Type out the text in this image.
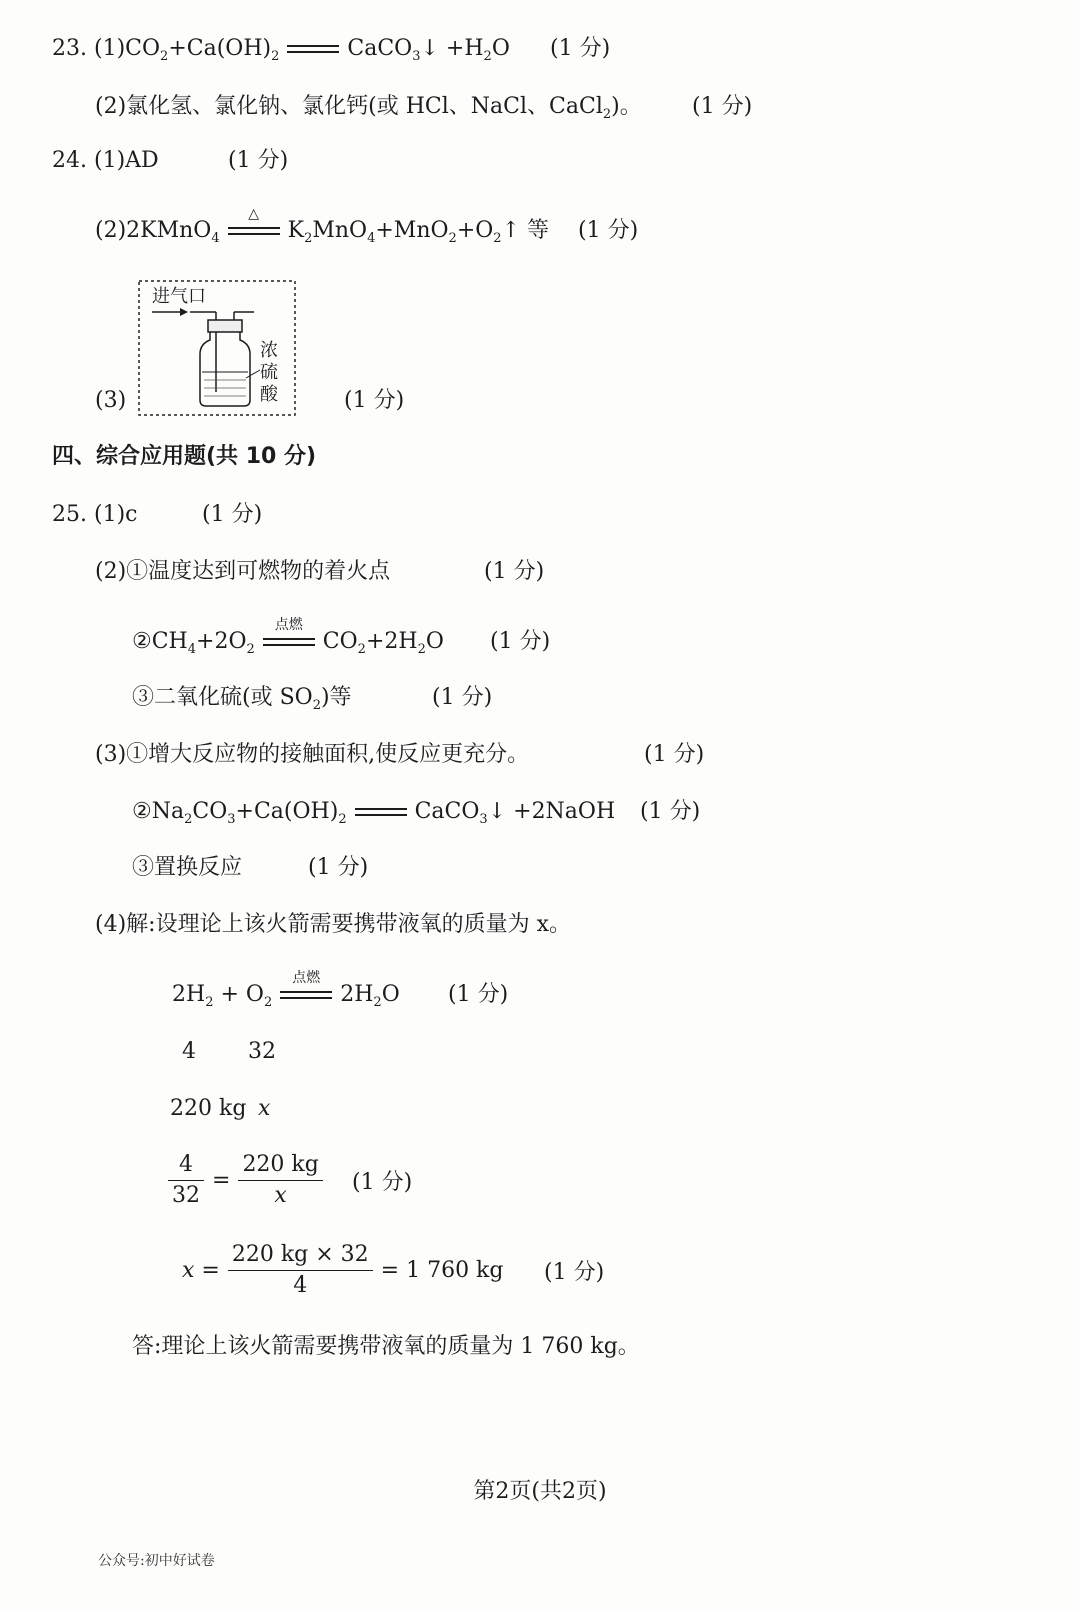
23. $(1)CO_2+Ca(OH)_2$	CaCO$_3$↓ $+H_2O$ (1 分)
(2)氯化氢、氯化钠、氯化钙(或 HCl、NaCl、CaCl$_2$)。 (1 分)
24. (1)AD	(1 分)
(2)2KMnO$_4$
△
$K_2MnO_4+MnO_2+O_2↑$ 等 (1 分)
(3)
进气口
浓
硫
酸	(1 分)
四、综合应用题(共 10 分)
25. (1)c	(1 分)
(2)①温度达到可燃物的着火点	(1 分)
$②CH_4+2O_2$
点燃
$CO_2+2H_2O$ (1 分)
③二氧化硫(或 $SO_2$)等	(1 分)
(3)①增大反应物的接触面积,使反应更充分。	(1 分)
$②Na_2CO_3+Ca(OH)_2$	CaCO$_3$↓ +2NaOH (1 分)
③置换反应	(1 分)
(4)解:设理论上该火箭需要携带液氧的质量为 x。
$2H_2 + O_2$
点燃
$2H_2O$ (1 分)
4 32
220 kg x
$\frac{4}{32} = \frac{220 kg}{x} (1$ 分)
$x = \frac{220 kg \times 32}{4} = 1$ 760 kg (1 分)
答:理论上该火箭需要携带液氧的质量为 1 760 kg。
第2页(共2页)
公众号:初中好试卷
